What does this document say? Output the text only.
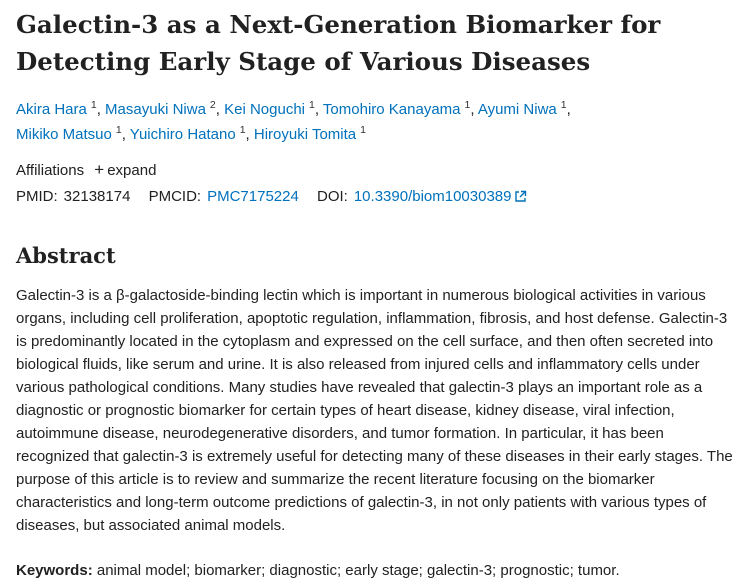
Galectin-3 as a Next-Generation Biomarker for Detecting Early Stage of Various Diseases
Akira Hara $^1$, Masayuki Niwa $^2$, Kei Noguchi $^1$, Tomohiro Kanayama $^1$, Ayumi Niwa $^1$,
Mikiko Matsuo $^1$, Yuichiro Hatano $^1$, Hiroyuki Tomita $^1$
Affiliations + expand
PMID: 32138174 PMCID: PMC7175224 DOI: 10.3390/biom10030389
Abstract

Galectin-3 is a β-galactoside-binding lectin which is important in numerous biological activities in various organs, including cell proliferation, apoptotic regulation, inflammation, fibrosis, and host defense. Galectin-3 is predominantly located in the cytoplasm and expressed on the cell surface, and then often secreted into biological fluids, like serum and urine. It is also released from injured cells and inflammatory cells under various pathological conditions. Many studies have revealed that galectin-3 plays an important role as a diagnostic or prognostic biomarker for certain types of heart disease, kidney disease, viral infection, autoimmune disease, neurodegenerative disorders, and tumor formation. In particular, it has been recognized that galectin-3 is extremely useful for detecting many of these diseases in their early stages. The purpose of this article is to review and summarize the recent literature focusing on the biomarker characteristics and long-term outcome predictions of galectin-3, in not only patients with various types of diseases, but associated animal models.

Keywords: animal model; biomarker; diagnostic; early stage; galectin-3; prognostic; tumor.
